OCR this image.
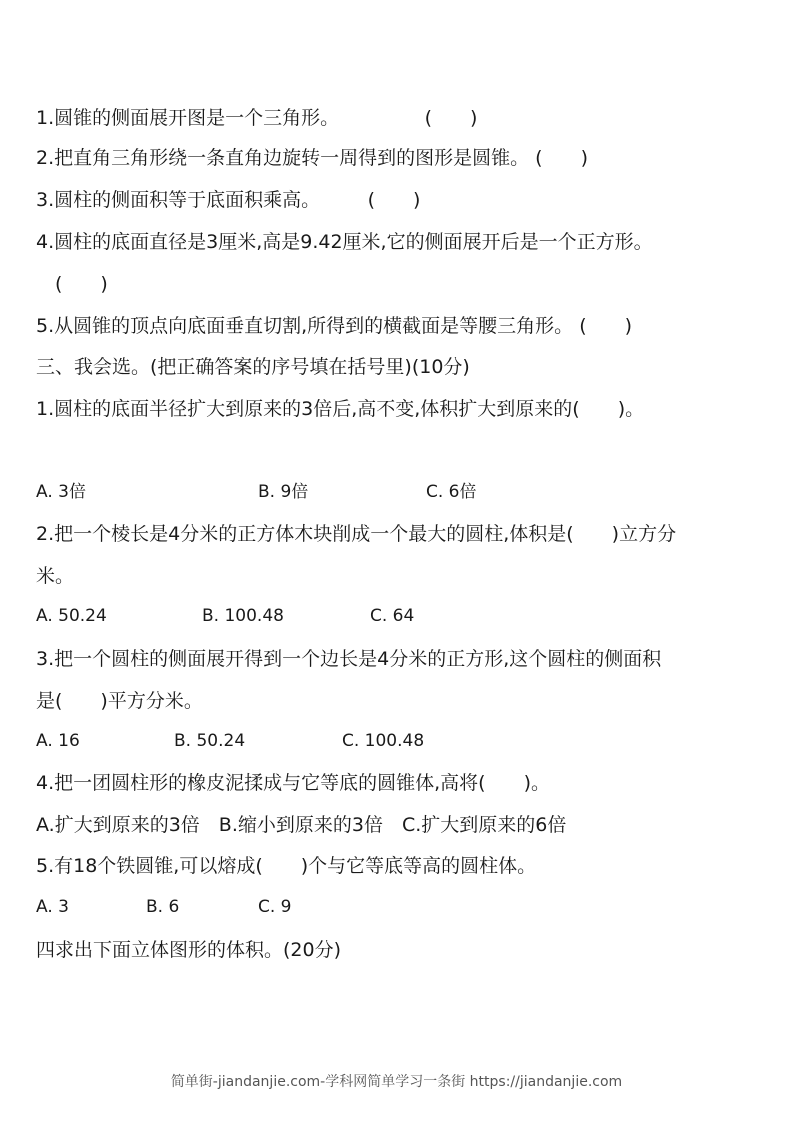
1.圆锥的侧面展开图是一个三角形。　　　　　(　　)
2.把直角三角形绕一条直角边旋转一周得到的图形是圆锥。 (　　)
3.圆柱的侧面积等于底面积乘高。　　　(　　)
4.圆柱的底面直径是3厘米,高是9.42厘米,它的侧面展开后是一个正方形。
　(　　)
5.从圆锥的顶点向底面垂直切割,所得到的横截面是等腰三角形。 (　　)
三、我会选。(把正确答案的序号填在括号里)(10分)
1.圆柱的底面半径扩大到原来的3倍后,高不变,体积扩大到原来的(　　)。

A. 3倍

	B. 9倍

	C. 6倍

2.把一个棱长是4分米的正方体木块削成一个最大的圆柱,体积是(　　)立方分
米。

A. 50.24

	B. 100.48

	C. 64

3.把一个圆柱的侧面展开得到一个边长是4分米的正方形,这个圆柱的侧面积
是(　　)平方分米。

A. 16

	B. 50.24

	C. 100.48

4.把一团圆柱形的橡皮泥揉成与它等底的圆锥体,高将(　　)。
A.扩大到原来的3倍　B.缩小到原来的3倍　C.扩大到原来的6倍
5.有18个铁圆锥,可以熔成(　　)个与它等底等高的圆柱体。

A. 3

	B. 6

	C. 9

四求出下面立体图形的体积。(20分)
简单街-jiandanjie.com-学科网简单学习一条街 https://jiandanjie.com
